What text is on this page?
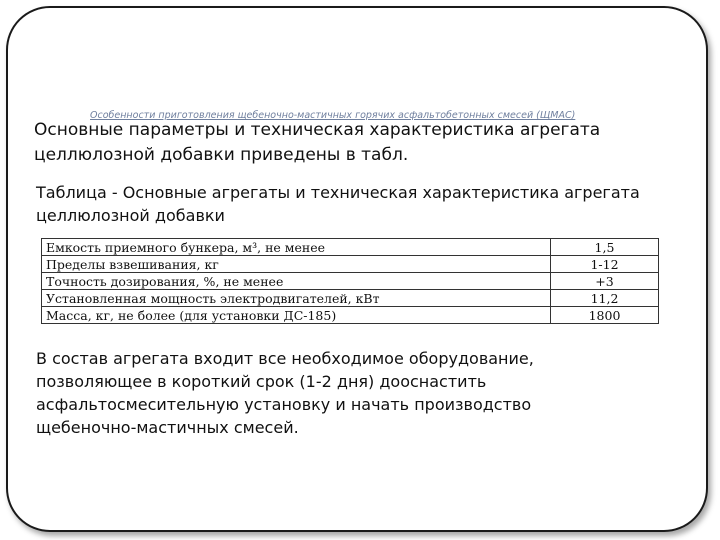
Особенности приготовления щебеночно-мастичных горячих асфальтобетонных смесей (ЩМАС)
Основные параметры и техническая характеристика агрегата целлюлозной добавки приведены в табл.
Таблица - Основные агрегаты и техническая характеристика агрегата целлюлозной добавки
Емкость приемного бункера, м³, не менее	1,5
Пределы взвешивания, кг	1-12
Точность дозирования, %, не менее	+3
Установленная мощность электродвигателей, кВт	11,2
Масса, кг, не более (для установки ДС-185)	1800
В состав агрегата входит все необходимое оборудование, позволяющее в короткий срок (1-2 дня) дооснастить асфальтосмесительную установку и начать производство щебеночно-мастичных смесей.
